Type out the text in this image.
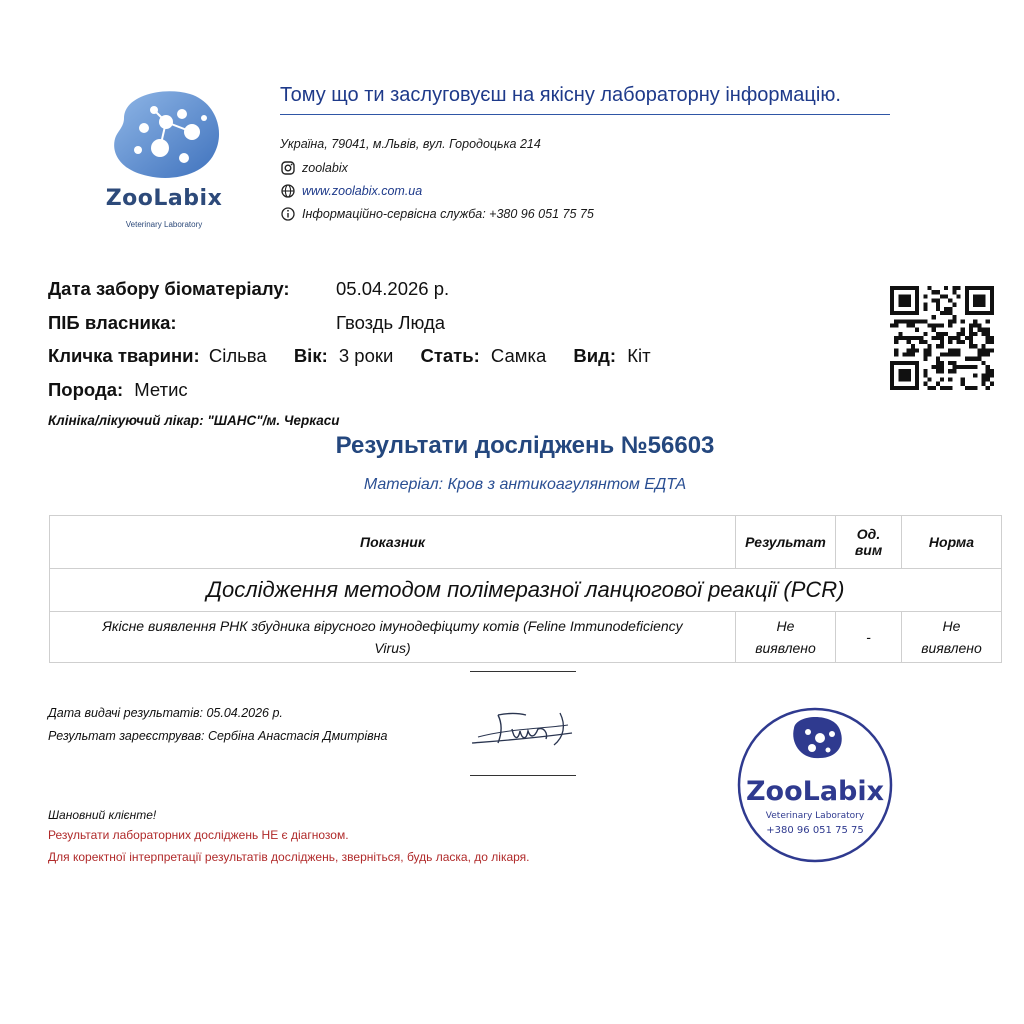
ZooLabix
Veterinary Laboratory
Тому що ти заслуговуєш на якісну лабораторну інформацію.
Україна, 79041, м.Львів, вул. Городоцька 214
zoolabix
www.zoolabix.com.ua
Інформаційно-сервісна служба: +380 96 051 75 75
Дата забору біоматеріалу:	05.04.2026 р.
ПІБ власника:	Гвоздь Люда
Кличка тварини: Сільва Вік: 3 роки Стать: Самка Вид: Кіт
Порода: Метис
Клініка/лікуючий лікар: "ШАНС"/м. Черкаси
Результати досліджень №56603
Матеріал: Кров з антикоагулянтом ЕДТА
Показник	Результат	Од. вим	Норма
Дослідження методом полімеразної ланцюгової реакції (PCR)			
Якісне виявлення РНК збудника вірусного імунодефіциту котів (Feline Immunodeficiency Virus)	Не виявлено	-	Не виявлено
Дата видачі результатів: 05.04.2026 р.
Результат зареєстрував: Сербіна Анастасія Дмитрівна
Шановний клієнте!
Результати лабораторних досліджень НЕ є діагнозом.
Для коректної інтерпретації результатів досліджень, зверніться, будь ласка, до лікаря.
ZooLabix
Veterinary Laboratory
+380 96 051 75 75
